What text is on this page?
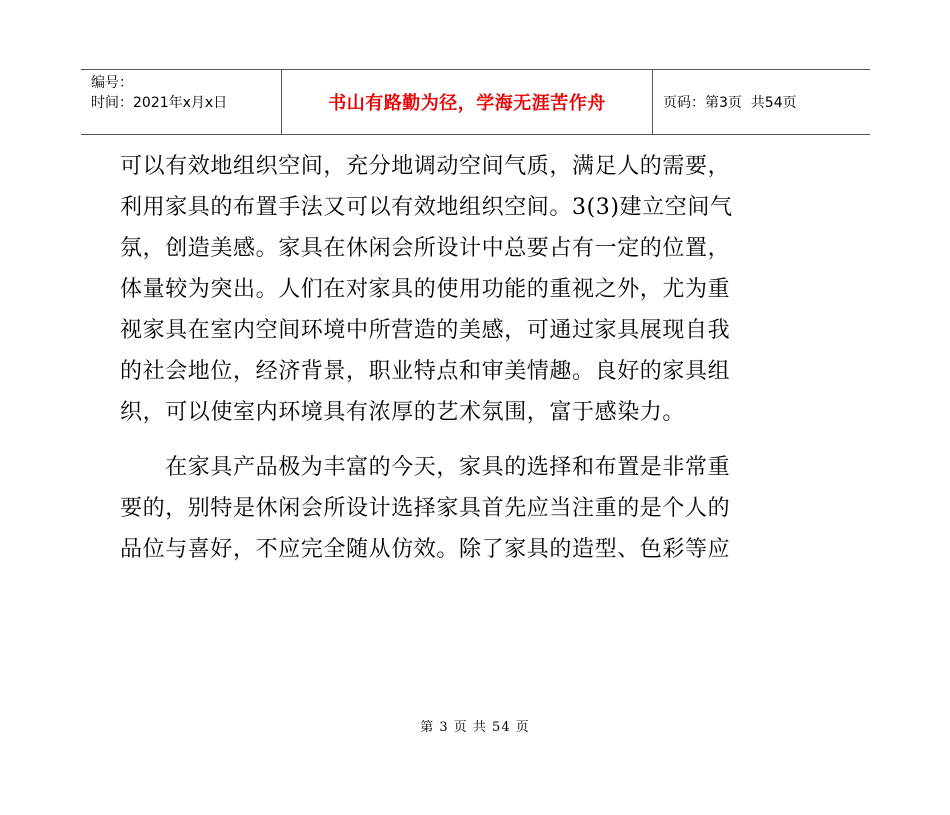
编号：
时间：2021年x月x日	书山有路勤为径，学海无涯苦作舟	页码：第3页  共54页

可以有效地组织空间，充分地调动空间气质，满足人的需要，
利用家具的布置手法又可以有效地组织空间。3(3)建立空间气
氛，创造美感。家具在休闲会所设计中总要占有一定的位置，
体量较为突出。人们在对家具的使用功能的重视之外，尤为重
视家具在室内空间环境中所营造的美感，可通过家具展现自我
的社会地位，经济背景，职业特点和审美情趣。良好的家具组
织，可以使室内环境具有浓厚的艺术氛围，富于感染力。

　　在家具产品极为丰富的今天，家具的选择和布置是非常重
要的，别特是休闲会所设计选择家具首先应当注重的是个人的
品位与喜好，不应完全随从仿效。除了家具的造型、色彩等应

第 3 页 共 54 页
